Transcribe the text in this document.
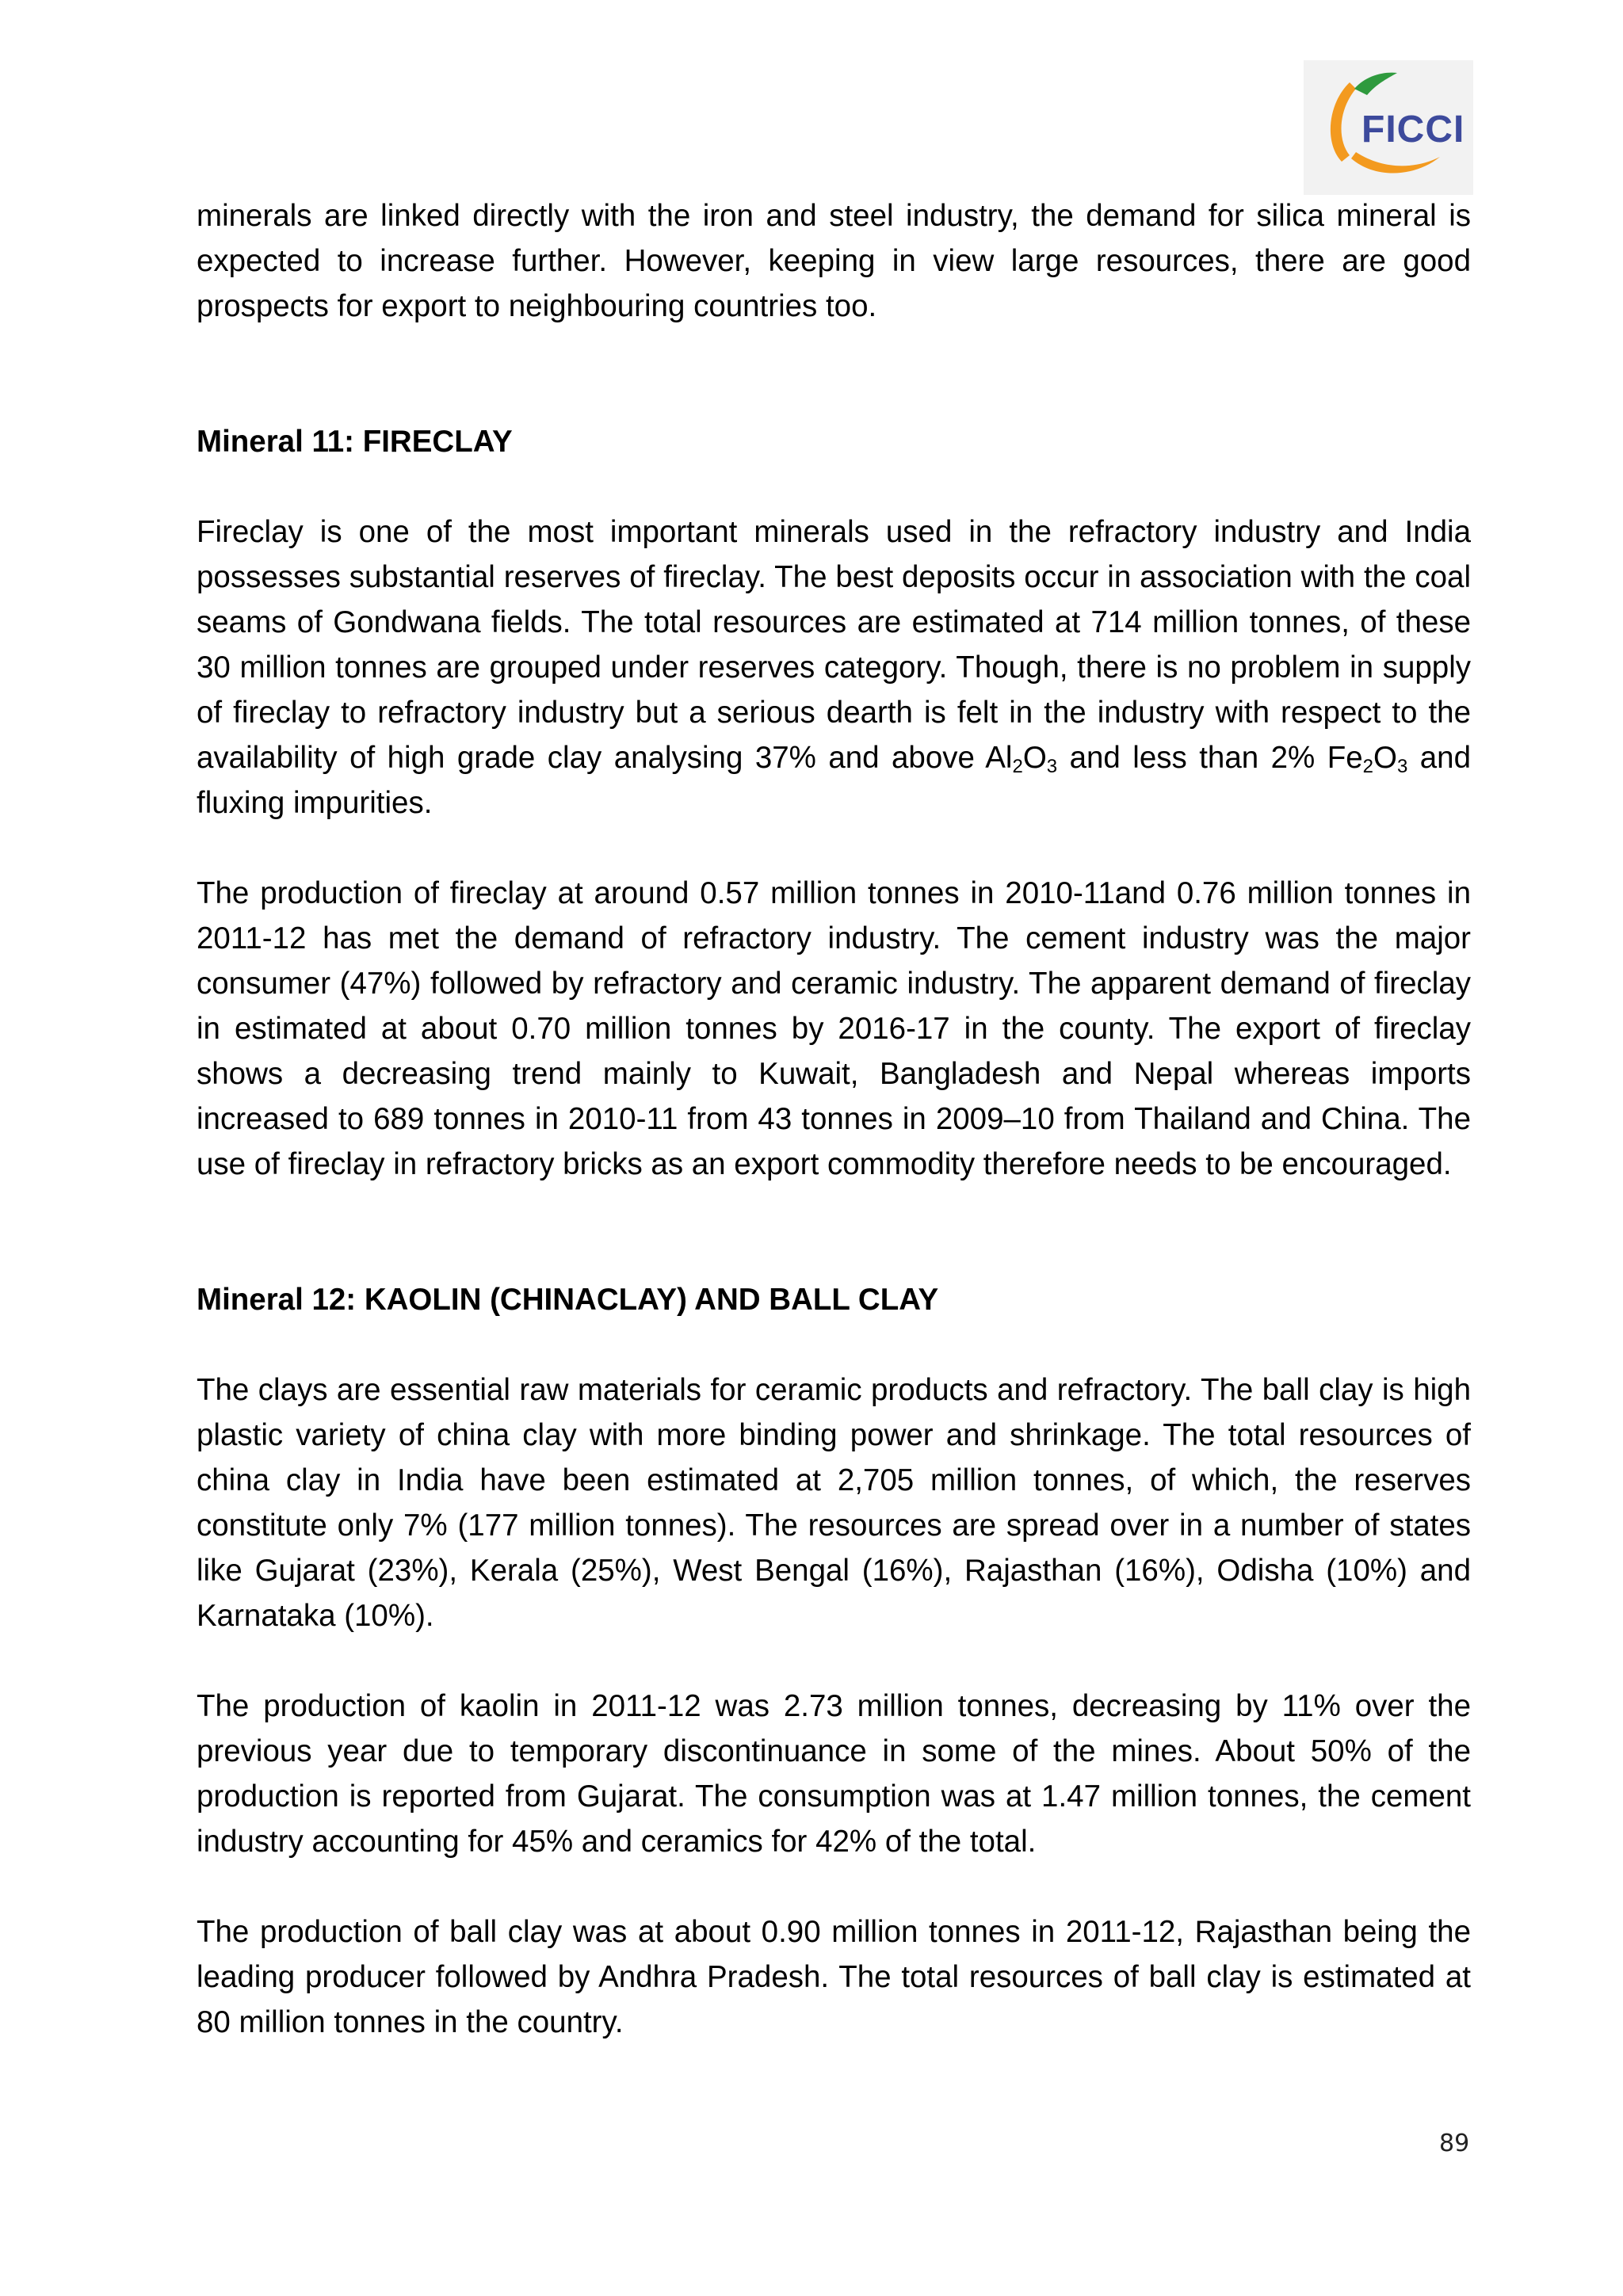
FICCI

minerals are linked directly with the iron and steel industry, the demand for silica mineral is expected to increase further. However, keeping in view large resources, there are good prospects for export to neighbouring countries too.

Mineral 11: FIRECLAY

Fireclay is one of the most important minerals used in the refractory industry and India possesses substantial reserves of fireclay. The best deposits occur in association with the coal seams of Gondwana fields. The total resources are estimated at 714 million tonnes, of these 30 million tonnes are grouped under reserves category. Though, there is no problem in supply of fireclay to refractory industry but a serious dearth is felt in the industry with respect to the availability of high grade clay analysing 37% and above $Al_2O_3$ and less than 2% $Fe_2O_3$ and fluxing impurities.

The production of fireclay at around 0.57 million tonnes in 2010-11and 0.76 million tonnes in 2011-12 has met the demand of refractory industry. The cement industry was the major consumer (47%) followed by refractory and ceramic industry. The apparent demand of fireclay in estimated at about 0.70 million tonnes by 2016-17 in the county. The export of fireclay shows a decreasing trend mainly to Kuwait, Bangladesh and Nepal whereas imports increased to 689 tonnes in 2010-11 from 43 tonnes in 2009–10 from Thailand and China. The use of fireclay in refractory bricks as an export commodity therefore needs to be encouraged.

Mineral 12: KAOLIN (CHINACLAY) AND BALL CLAY

The clays are essential raw materials for ceramic products and refractory. The ball clay is high plastic variety of china clay with more binding power and shrinkage. The total resources of china clay in India have been estimated at 2,705 million tonnes, of which, the reserves constitute only 7% (177 million tonnes). The resources are spread over in a number of states like Gujarat (23%), Kerala (25%), West Bengal (16%), Rajasthan (16%), Odisha (10%) and Karnataka (10%).

The production of kaolin in 2011-12 was 2.73 million tonnes, decreasing by 11% over the previous year due to temporary discontinuance in some of the mines. About 50% of the production is reported from Gujarat. The consumption was at 1.47 million tonnes, the cement industry accounting for 45% and ceramics for 42% of the total.

The production of ball clay was at about 0.90 million tonnes in 2011-12, Rajasthan being the leading producer followed by Andhra Pradesh. The total resources of ball clay is estimated at 80 million tonnes in the country.

89
